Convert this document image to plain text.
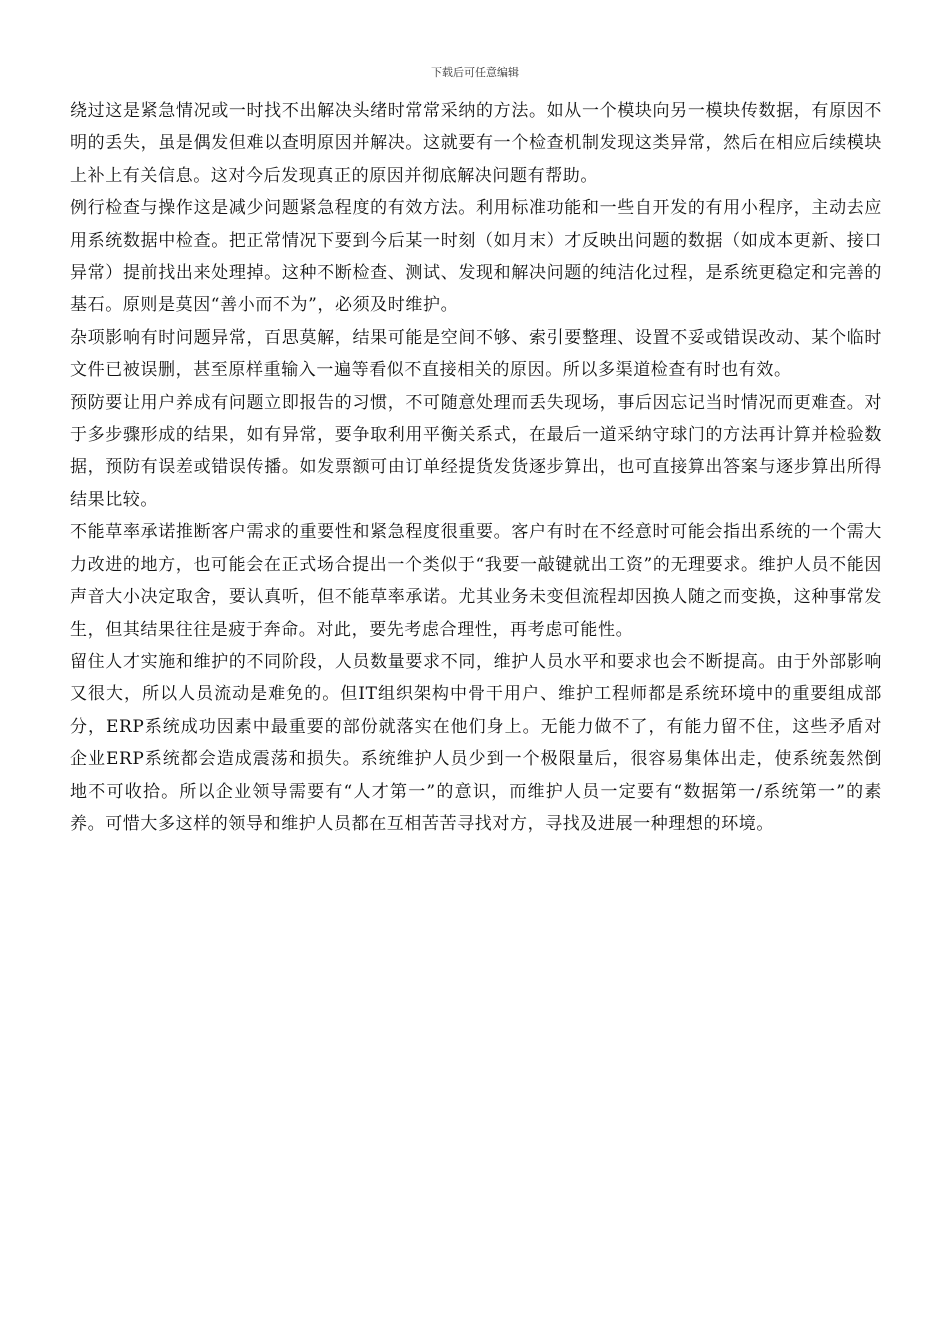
下载后可任意编辑

绕过这是紧急情况或一时找不出解决头绪时常常采纳的方法。如从一个模块向另一模块传数据，有原因不明的丢失，虽是偶发但难以查明原因并解决。这就要有一个检查机制发现这类异常，然后在相应后续模块上补上有关信息。这对今后发现真正的原因并彻底解决问题有帮助。

例行检查与操作这是减少问题紧急程度的有效方法。利用标准功能和一些自开发的有用小程序，主动去应用系统数据中检查。把正常情况下要到今后某一时刻（如月末）才反映出问题的数据（如成本更新、接口异常）提前找出来处理掉。这种不断检查、测试、发现和解决问题的纯洁化过程，是系统更稳定和完善的基石。原则是莫因“善小而不为”，必须及时维护。

杂项影响有时问题异常，百思莫解，结果可能是空间不够、索引要整理、设置不妥或错误改动、某个临时文件已被误删，甚至原样重输入一遍等看似不直接相关的原因。所以多渠道检查有时也有效。

预防要让用户养成有问题立即报告的习惯，不可随意处理而丢失现场，事后因忘记当时情况而更难查。对于多步骤形成的结果，如有异常，要争取利用平衡关系式，在最后一道采纳守球门的方法再计算并检验数据，预防有误差或错误传播。如发票额可由订单经提货发货逐步算出，也可直接算出答案与逐步算出所得结果比较。

不能草率承诺推断客户需求的重要性和紧急程度很重要。客户有时在不经意时可能会指出系统的一个需大力改进的地方，也可能会在正式场合提出一个类似于“我要一敲键就出工资”的无理要求。维护人员不能因声音大小决定取舍，要认真听，但不能草率承诺。尤其业务未变但流程却因换人随之而变换，这种事常发生，但其结果往往是疲于奔命。对此，要先考虑合理性，再考虑可能性。

留住人才实施和维护的不同阶段，人员数量要求不同，维护人员水平和要求也会不断提高。由于外部影响又很大，所以人员流动是难免的。但IT组织架构中骨干用户、维护工程师都是系统环境中的重要组成部分，ERP系统成功因素中最重要的部份就落实在他们身上。无能力做不了，有能力留不住，这些矛盾对企业ERP系统都会造成震荡和损失。系统维护人员少到一个极限量后，很容易集体出走，使系统轰然倒地不可收拾。所以企业领导需要有“人才第一”的意识，而维护人员一定要有“数据第一/系统第一”的素养。可惜大多这样的领导和维护人员都在互相苦苦寻找对方，寻找及进展一种理想的环境。
